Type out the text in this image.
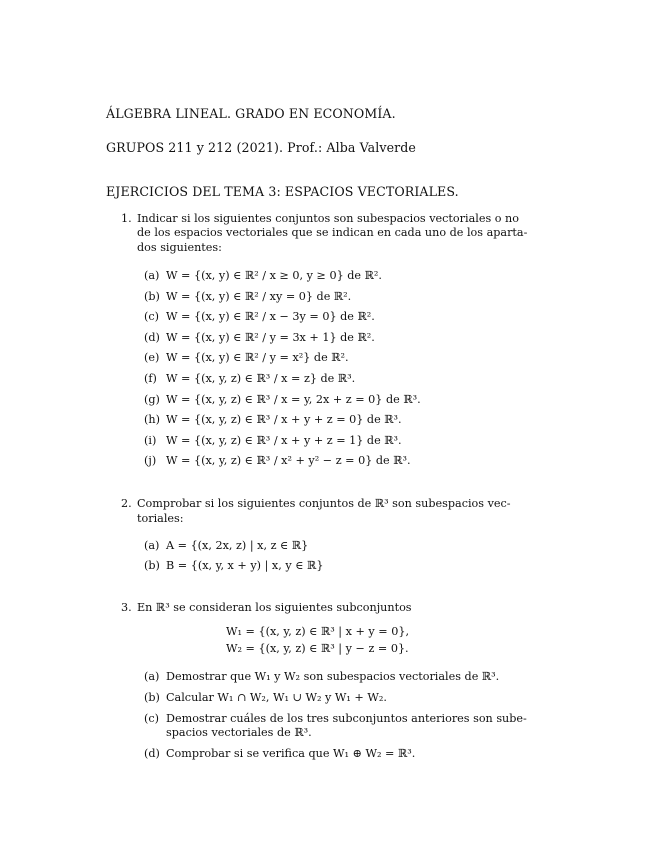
ÁLGEBRA LINEAL. GRADO EN ECONOMÍA.
GRUPOS 211 y 212 (2021). Prof.: Alba Valverde
EJERCICIOS DEL TEMA 3: ESPACIOS VECTORIALES.
1. Indicar si los siguientes conjuntos son subespacios vectoriales o no
de los espacios vectoriales que se indican en cada uno de los aparta-
dos siguientes:
(a) W = {(x, y) ∈ ℝ² / x ≥ 0, y ≥ 0} de ℝ².
(b) W = {(x, y) ∈ ℝ² / xy = 0} de ℝ².
(c) W = {(x, y) ∈ ℝ² / x − 3y = 0} de ℝ².
(d) W = {(x, y) ∈ ℝ² / y = 3x + 1} de ℝ².
(e) W = {(x, y) ∈ ℝ² / y = x²} de ℝ².
(f) W = {(x, y, z) ∈ ℝ³ / x = z} de ℝ³.
(g) W = {(x, y, z) ∈ ℝ³ / x = y, 2x + z = 0} de ℝ³.
(h) W = {(x, y, z) ∈ ℝ³ / x + y + z = 0} de ℝ³.
(i) W = {(x, y, z) ∈ ℝ³ / x + y + z = 1} de ℝ³.
(j) W = {(x, y, z) ∈ ℝ³ / x² + y² − z = 0} de ℝ³.
2. Comprobar si los siguientes conjuntos de ℝ³ son subespacios vec-
toriales:
(a) A = {(x, 2x, z) | x, z ∈ ℝ}
(b) B = {(x, y, x + y) | x, y ∈ ℝ}
3. En ℝ³ se consideran los siguientes subconjuntos
W₁ = {(x, y, z) ∈ ℝ³ | x + y = 0},
W₂ = {(x, y, z) ∈ ℝ³ | y − z = 0}.
(a) Demostrar que W₁ y W₂ son subespacios vectoriales de ℝ³.
(b) Calcular W₁ ∩ W₂, W₁ ∪ W₂ y W₁ + W₂.
(c) Demostrar cuáles de los tres subconjuntos anteriores son sube-
spacios vectoriales de ℝ³.
(d) Comprobar si se verifica que W₁ ⊕ W₂ = ℝ³.
